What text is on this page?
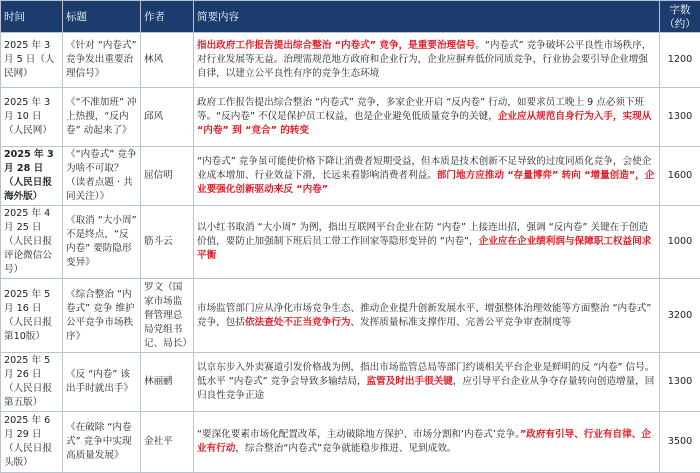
时间	标题	作者	简要内容	字数（约）
2025 年 3 月 5 日（人民网）	《针对 “内卷式” 竞争发出重要治理信号》	林风	指出政府工作报告提出综合整治 “内卷式” 竞争，是重要治理信号。“内卷式” 竞争破坏公平良性市场秩序，对行业发展等无益。治理需规范地方政府和企业行为，企业应摒弃低价同质竞争，行业协会要引导企业增强自律，以建立公平良性有序的竞争生态环境	1200
2025 年 3 月 10 日（人民网）	《“不准加班” 冲上热搜，“反内卷” 动起来了》	邱风	政府工作报告提出综合整治 “内卷式” 竞争，多家企业开启 “反内卷” 行动，如要求员工晚上 9 点必须下班等。“反内卷” 不仅是保护员工权益，也是企业避免低质量竞争的关键，企业应从规范自身行为入手，实现从 “内卷” 到 “竞合” 的转变	1300
2025 年 3 月 28 日（人民日报海外版）	《“内卷式” 竞争为啥不可取？（读者点题 · 共同关注）》	屈信明	“内卷式” 竞争虽可能使价格下降让消费者短期受益，但本质是技术创新不足导致的过度同质化竞争，会使企业成本增加、行业效益下滑，长远来看影响消费者利益。部门地方应推动 “存量博弈” 转向 “增量创造”，企业要强化创新驱动来反 “内卷”	1600
2025 年 4 月 25 日（人民日报评论微信公号）	《取消 “大小周” 不是终点，“反内卷” 要防隐形变异》	筋斗云	以小红书取消 “大小周” 为例，指出互联网平台企业在防 “内卷” 上接连出招，强调 “反内卷” 关键在于创造价值，要防止加强制下班后员工带工作回家等隐形变异的 “内卷”，企业应在企业绩利润与保障职工权益间求平衡	1000
2025 年 5 月 16 日（人民日报第10版）	《综合整治 “内卷式” 竞争 维护公平竞争市场秩序》	罗文（国家市场监督管理总局党组书记、局长）	市场监管部门应从净化市场竞争生态、推动企业提升创新发展水平、增强整体治理效能等方面整治 “内卷式” 竞争，包括依法查处不正当竞争行为、发挥质量标准支撑作用、完善公平竞争审查制度等	3200
2025 年 5 月 26 日（人民日报第五版）	《反 “内卷” 该出手时就出手》	林丽鹂	以京东步入外卖赛道引发价格战为例，指出市场监管总局等部门约谈相关平台企业是鲜明的反 “内卷” 信号。低水平 “内卷式” 竞争会导致多输结局，监管及时出手很关键，应引导平台企业从争夺存量转向创造增量，回归良性竞争正途	1300
2025 年 6 月 29 日（人民日报头版）	《在破除 “内卷式” 竞争中实现高质量发展》	金社平	“要深化要素市场化配置改革，主动破除地方保护、市场分割和‘内卷式’竞争。”政府有引导、行业有自律、企业有行动，综合整治“内卷式”竞争就能稳步推进、见到成效。	3500
